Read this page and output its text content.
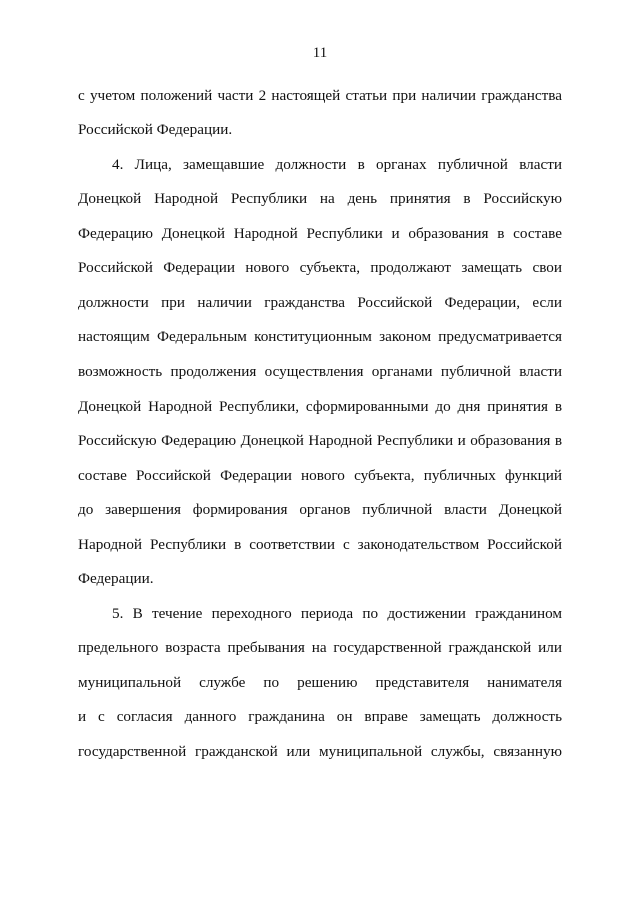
11
с учетом положений части 2 настоящей статьи при наличии гражданства
Российской Федерации.
4. Лица, замещавшие должности в органах публичной власти
Донецкой Народной Республики на день принятия в Российскую
Федерацию Донецкой Народной Республики и образования в составе
Российской Федерации нового субъекта, продолжают замещать свои
должности при наличии гражданства Российской Федерации, если
настоящим Федеральным конституционным законом предусматривается
возможность продолжения осуществления органами публичной власти
Донецкой Народной Республики, сформированными до дня принятия в
Российскую Федерацию Донецкой Народной Республики и образования в
составе Российской Федерации нового субъекта, публичных функций
до завершения формирования органов публичной власти Донецкой
Народной Республики в соответствии с законодательством Российской
Федерации.
5. В течение переходного периода по достижении гражданином
предельного возраста пребывания на государственной гражданской или
муниципальной службе по решению представителя нанимателя
и с согласия данного гражданина он вправе замещать должность
государственной гражданской или муниципальной службы, связанную
